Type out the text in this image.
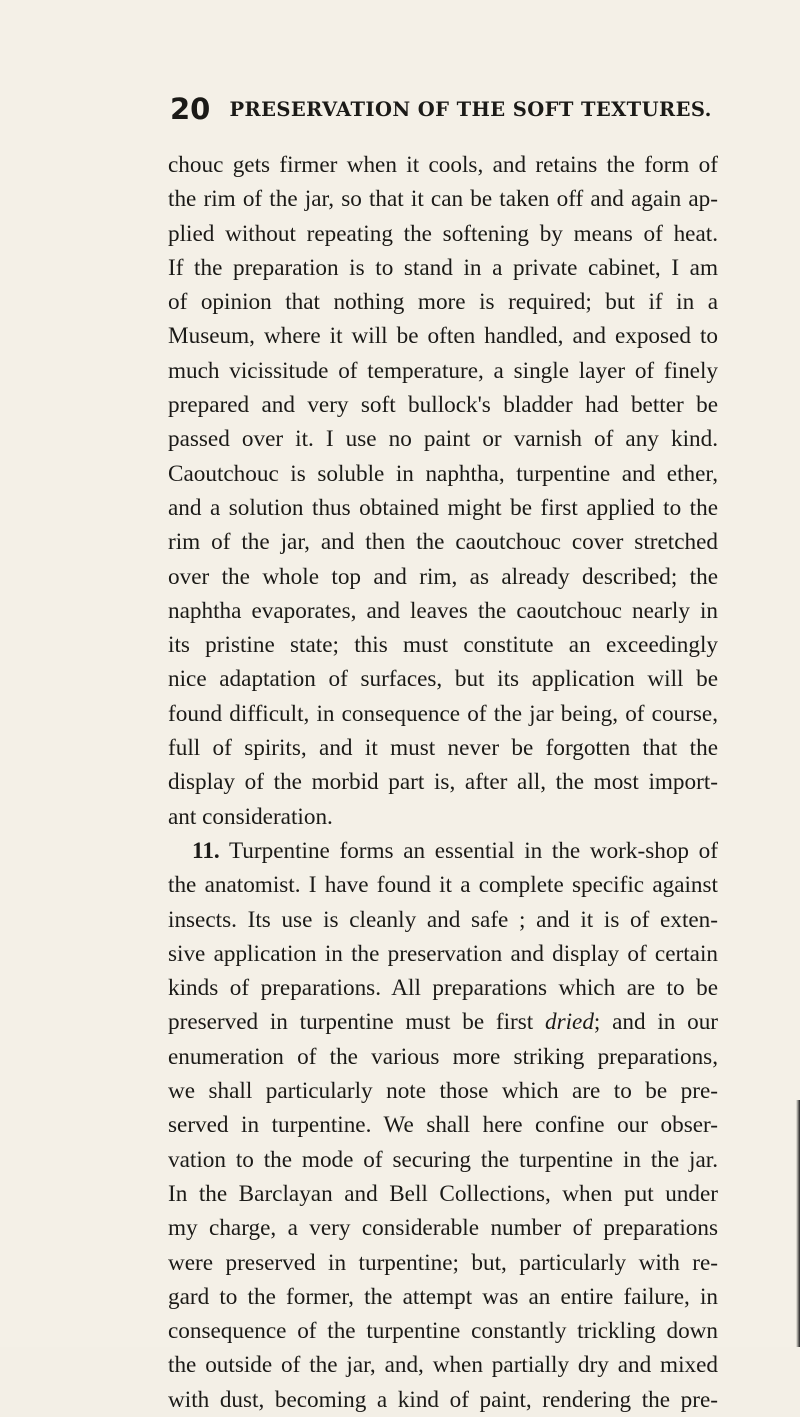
20 PRESERVATION OF THE SOFT TEXTURES.
chouc gets firmer when it cools, and retains the form of
the rim of the jar, so that it can be taken off and again ap-
plied without repeating the softening by means of heat.
If the preparation is to stand in a private cabinet, I am
of opinion that nothing more is required; but if in a
Museum, where it will be often handled, and exposed to
much vicissitude of temperature, a single layer of finely
prepared and very soft bullock's bladder had better be
passed over it. I use no paint or varnish of any kind.
Caoutchouc is soluble in naphtha, turpentine and ether,
and a solution thus obtained might be first applied to the
rim of the jar, and then the caoutchouc cover stretched
over the whole top and rim, as already described; the
naphtha evaporates, and leaves the caoutchouc nearly in
its pristine state; this must constitute an exceedingly
nice adaptation of surfaces, but its application will be
found difficult, in consequence of the jar being, of course,
full of spirits, and it must never be forgotten that the
display of the morbid part is, after all, the most import-
ant consideration.
11. Turpentine forms an essential in the work-shop of
the anatomist. I have found it a complete specific against
insects. Its use is cleanly and safe ; and it is of exten-
sive application in the preservation and display of certain
kinds of preparations. All preparations which are to be
preserved in turpentine must be first dried; and in our
enumeration of the various more striking preparations,
we shall particularly note those which are to be pre-
served in turpentine. We shall here confine our obser-
vation to the mode of securing the turpentine in the jar.
In the Barclayan and Bell Collections, when put under
my charge, a very considerable number of preparations
were preserved in turpentine; but, particularly with re-
gard to the former, the attempt was an entire failure, in
consequence of the turpentine constantly trickling down
the outside of the jar, and, when partially dry and mixed
with dust, becoming a kind of paint, rendering the pre-
